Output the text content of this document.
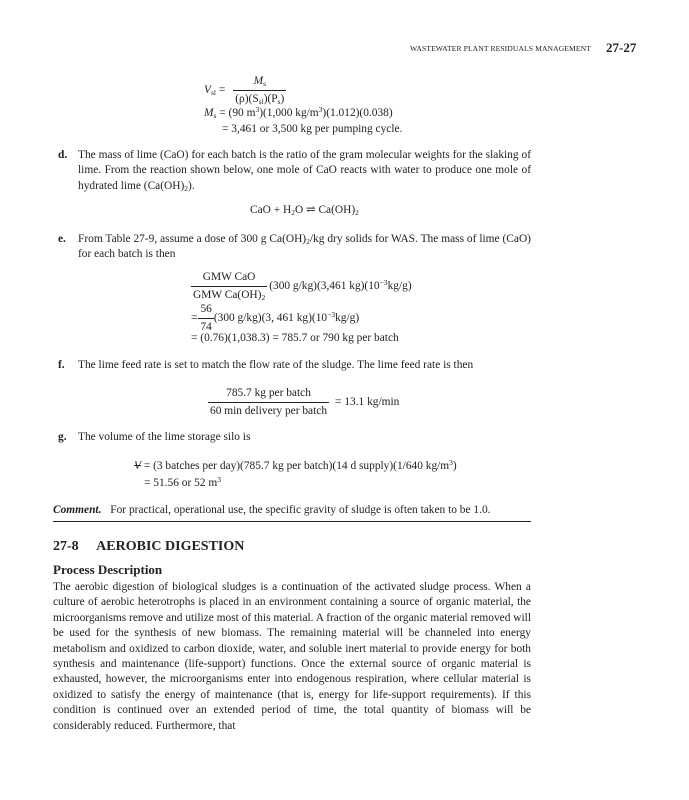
WASTEWATER PLANT RESIDUALS MANAGEMENT 27-27
$V_{sl} = \frac{M_s}{(\rho)(S_{sl})(P_s)}$
$M_s = (90$ $m^3)(1,000$ $kg/m^3)(1.012)(0.038)$
= 3,461 or 3,500 kg per pumping cycle.
d. The mass of lime (CaO) for each batch is the ratio of the gram molecular weights for the slaking of lime. From the reaction shown below, one mole of CaO reacts with water to produce one mole of hydrated lime $(Ca(OH)_2)$.
CaO + $H_2O$ ⇌ $Ca(OH)_2$
e. From Table 27-9, assume a dose of 300 g $Ca(OH)_2/kg$ dry solids for WAS. The mass of lime (CaO) for each batch is then
$\frac{\text{GMW CaO}}{GMW Ca(OH)_2} (300$ g/kg)(3,461 $kg)(10^{-3}kg/g)$
= $\frac{56}{74} (300$ g/kg)(3, 461 $kg)(10^{-3}kg/g)$
= (0.76)(1,038.3) = 785.7 or 790 kg per batch
f. The lime feed rate is set to match the flow rate of the sludge. The lime feed rate is then
$\frac{\text{785.7 kg per batch}}{\text{60 min delivery per batch}} = 13.1$ kg/min
g. The volume of the lime storage silo is
V = (3 batches per day)(785.7 kg per batch)(14 d supply)(1/640 $kg/m^3$)
= 51.56 or 52 $m^3$
Comment. For practical, operational use, the specific gravity of sludge is often taken to be 1.0.
27-8 AEROBIC DIGESTION
Process Description
The aerobic digestion of biological sludges is a continuation of the activated sludge process. When a culture of aerobic heterotrophs is placed in an environment containing a source of organic material, the microorganisms remove and utilize most of this material. A fraction of the organic material removed will be used for the synthesis of new biomass. The remaining material will be channeled into energy metabolism and oxidized to carbon dioxide, water, and soluble inert material to provide energy for both synthesis and maintenance (life-support) functions. Once the external source of organic material is exhausted, however, the microorganisms enter into endogenous respiration, where cellular material is oxidized to satisfy the energy of maintenance (that is, energy for life-support requirements). If this condition is continued over an extended period of time, the total quantity of biomass will be considerably reduced. Furthermore, that
